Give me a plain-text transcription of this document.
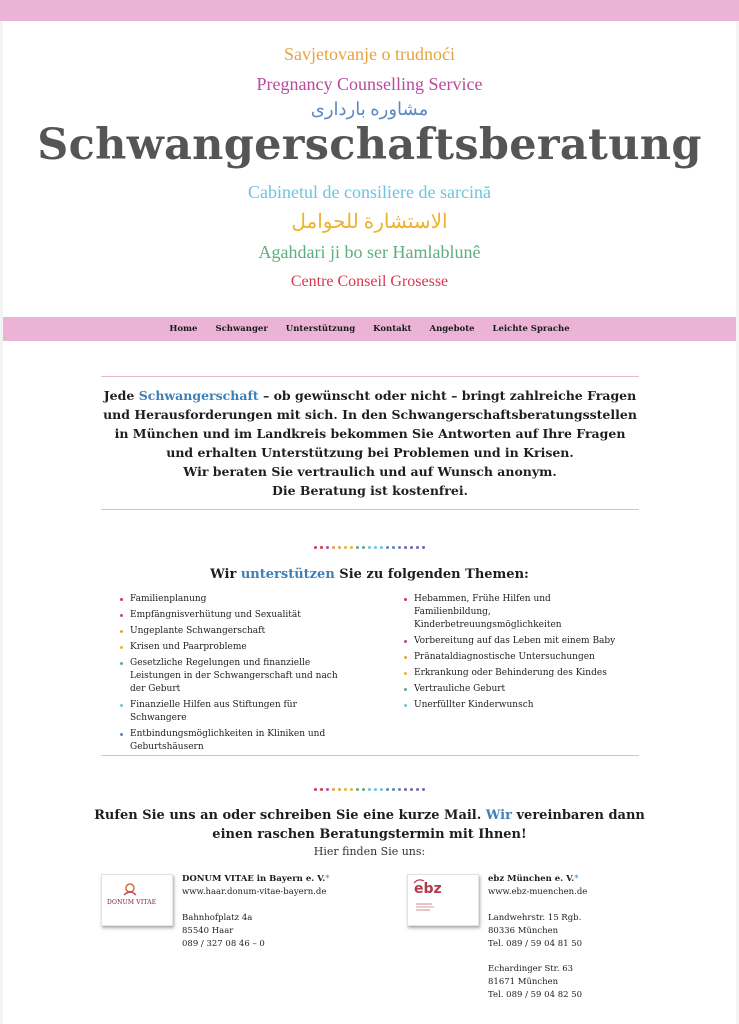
Savjetovanje o trudnoći
Pregnancy Counselling Service
مشاوره بارداری
Schwangerschaftsberatung
Cabinetul de consiliere de sarcină
الاستشارة للحوامل
Agahdari ji bo ser Hamlablunê
Centre Conseil Grosesse
Home Schwanger Unterstützung Kontakt Angebote Leichte Sprache
Jede Schwangerschaft – ob gewünscht oder nicht – bringt zahlreiche Fragen und Herausforderungen mit sich. In den Schwangerschaftsberatungsstellen in München und im Landkreis bekommen Sie Antworten auf Ihre Fragen und erhalten Unterstützung bei Problemen und in Krisen.
Wir beraten Sie vertraulich und auf Wunsch anonym.
Die Beratung ist kostenfrei.
Wir unterstützen Sie zu folgenden Themen:
Familienplanung
Empfängnisverhütung und Sexualität
Ungeplante Schwangerschaft
Krisen und Paarprobleme
Gesetzliche Regelungen und finanzielle Leistungen in der Schwangerschaft und nach der Geburt
Finanzielle Hilfen aus Stiftungen für Schwangere
Entbindungsmöglichkeiten in Kliniken und Geburtshäusern
Hebammen, Frühe Hilfen und Familienbildung, Kinderbetreuungsmöglichkeiten
Vorbereitung auf das Leben mit einem Baby
Pränataldiagnostische Untersuchungen
Erkrankung oder Behinderung des Kindes
Vertrauliche Geburt
Unerfüllter Kinderwunsch
Rufen Sie uns an oder schreiben Sie eine kurze Mail. Wir vereinbaren dann
einen raschen Beratungstermin mit Ihnen!
Hier finden Sie uns:
DONUM VITAE
DONUM VITAE in Bayern e. V.*
www.haar.donum-vitae-bayern.de
Bahnhofplatz 4a
85540 Haar
089 / 327 08 46 – 0
ebz
ebz München e. V.*
www.ebz-muenchen.de
Landwehrstr. 15 Rgb.
80336 München
Tel. 089 / 59 04 81 50
Echardinger Str. 63
81671 München
Tel. 089 / 59 04 82 50
